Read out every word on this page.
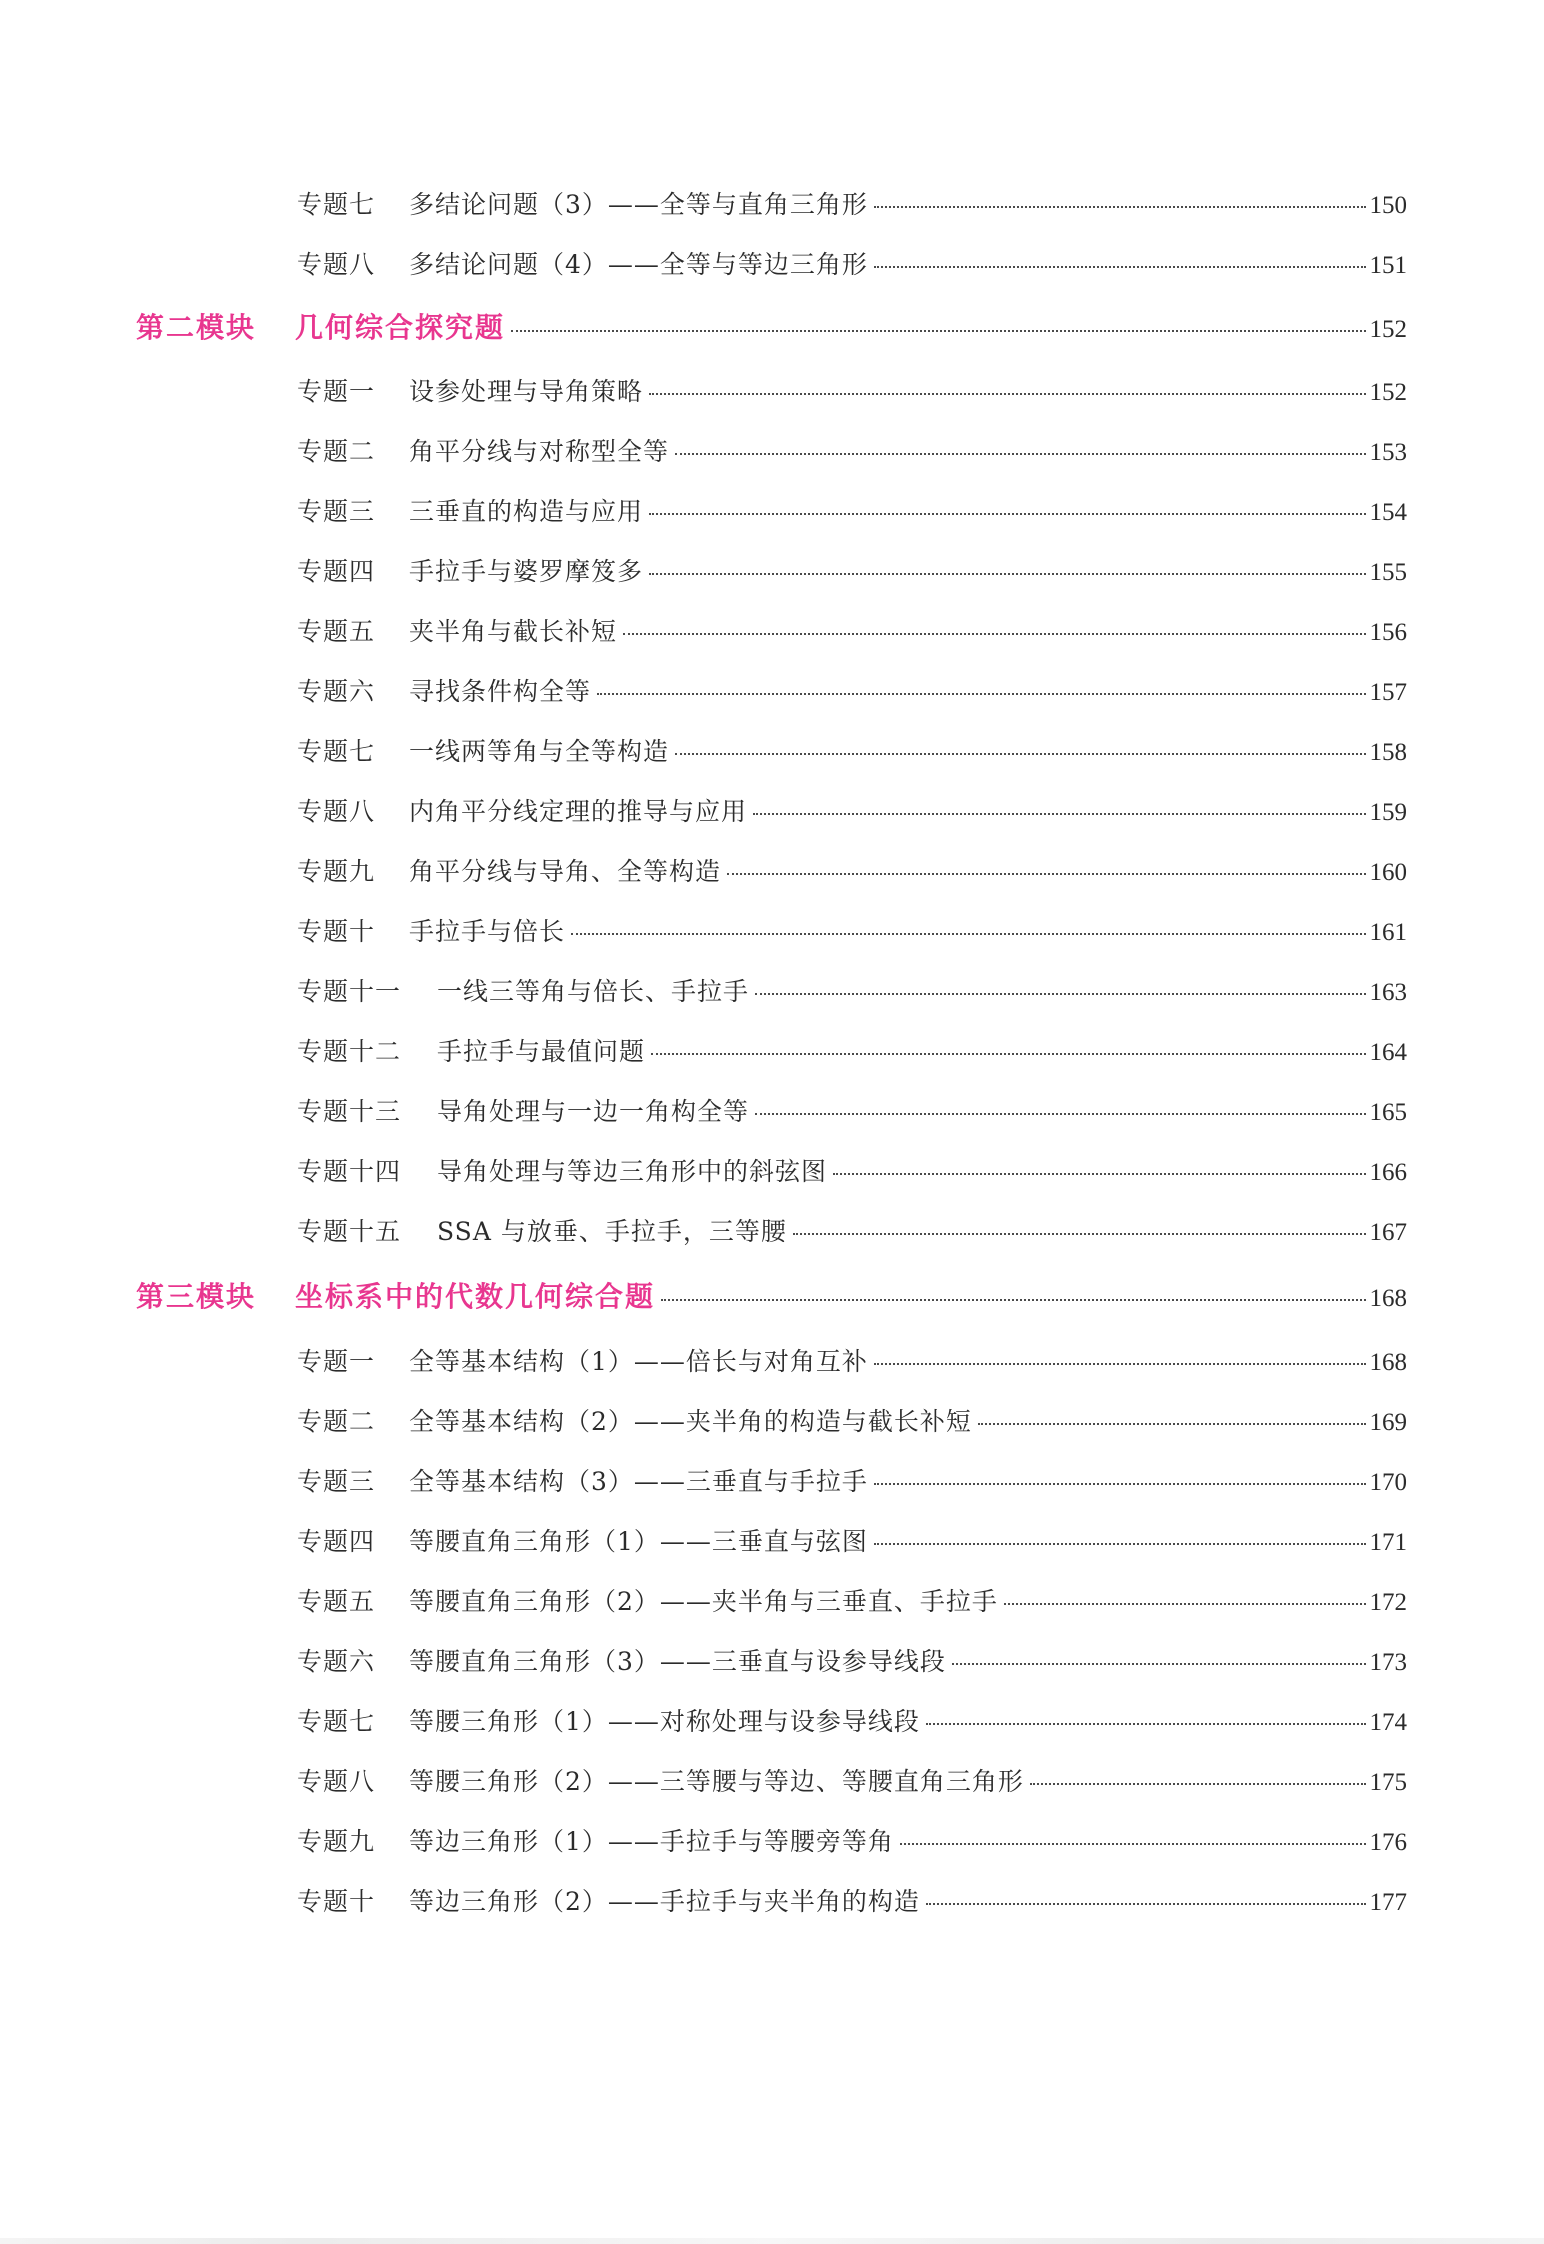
专题七	多结论问题（3）——全等与直角三角形	150
专题八	多结论问题（4）——全等与等边三角形	151
第二模块	几何综合探究题	152
专题一	设参处理与导角策略	152
专题二	角平分线与对称型全等	153
专题三	三垂直的构造与应用	154
专题四	手拉手与婆罗摩笈多	155
专题五	夹半角与截长补短	156
专题六	寻找条件构全等	157
专题七	一线两等角与全等构造	158
专题八	内角平分线定理的推导与应用	159
专题九	角平分线与导角、全等构造	160
专题十	手拉手与倍长	161
专题十一	一线三等角与倍长、手拉手	163
专题十二	手拉手与最值问题	164
专题十三	导角处理与一边一角构全等	165
专题十四	导角处理与等边三角形中的斜弦图	166
专题十五	SSA 与放垂、手拉手，三等腰	167
第三模块	坐标系中的代数几何综合题	168
专题一	全等基本结构（1）——倍长与对角互补	168
专题二	全等基本结构（2）——夹半角的构造与截长补短	169
专题三	全等基本结构（3）——三垂直与手拉手	170
专题四	等腰直角三角形（1）——三垂直与弦图	171
专题五	等腰直角三角形（2）——夹半角与三垂直、手拉手	172
专题六	等腰直角三角形（3）——三垂直与设参导线段	173
专题七	等腰三角形（1）——对称处理与设参导线段	174
专题八	等腰三角形（2）——三等腰与等边、等腰直角三角形	175
专题九	等边三角形（1）——手拉手与等腰旁等角	176
专题十	等边三角形（2）——手拉手与夹半角的构造	177
